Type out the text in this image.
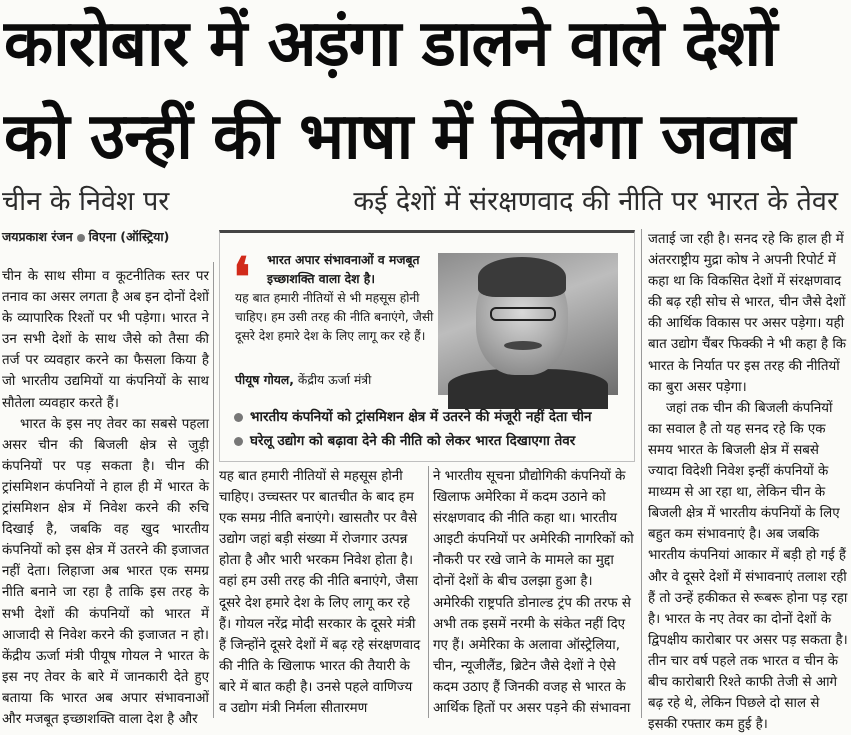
कारोबार में अड़ंगा डालने वाले देशों
को उन्हीं की भाषा में मिलेगा जवाब
चीन के निवेश पर	कई देशों में संरक्षणवाद की नीति पर भारत के तेवर
जयप्रकाश रंजन विएना (ऑस्ट्रिया)

चीन के साथ सीमा व कूटनीतिक स्तर पर तनाव का असर लगता है अब इन दोनों देशों के व्यापारिक रिश्तों पर भी पड़ेगा। भारत ने उन सभी देशों के साथ जैसे को तैसा की तर्ज पर व्यवहार करने का फैसला किया है जो भारतीय उद्यमियों या कंपनियों के साथ सौतेला व्यवहार करते हैं।

भारत के इस नए तेवर का सबसे पहला असर चीन की बिजली क्षेत्र से जुड़ी कंपनियों पर पड़ सकता है। चीन की ट्रांसमिशन कंपनियों ने हाल ही में भारत के ट्रांसमिशन क्षेत्र में निवेश करने की रुचि दिखाई है, जबकि वह खुद भारतीय कंपनियों को इस क्षेत्र में उतरने की इजाजत नहीं देता। लिहाजा अब भारत एक समग्र नीति बनाने जा रहा है ताकि इस तरह के सभी देशों की कंपनियों को भारत में आजादी से निवेश करने की इजाजत न हो। केंद्रीय ऊर्जा मंत्री पीयूष गोयल ने भारत के इस नए तेवर के बारे में जानकारी देते हुए बताया कि भारत अब अपार संभावनाओं और मजबूत इच्छाशक्ति वाला देश है और

❛	भारत अपार संभावनाओं व मजबूत इच्छाशक्ति वाला देश है।
यह बात हमारी नीतियों से भी महसूस होनी चाहिए। हम उसी तरह की नीति बनाएंगे, जैसी दूसरे देश हमारे देश के लिए लागू कर रहे हैं।
पीयूष गोयल, केंद्रीय ऊर्जा मंत्री
भारतीय कंपनियों को ट्रांसमिशन क्षेत्र में उतरने की मंजूरी नहीं देता चीन
घरेलू उद्योग को बढ़ावा देने की नीति को लेकर भारत दिखाएगा तेवर

यह बात हमारी नीतियों से महसूस होनी चाहिए। उच्चस्तर पर बातचीत के बाद हम एक समग्र नीति बनाएंगे। खासतौर पर वैसे उद्योग जहां बड़ी संख्या में रोजगार उत्पन्न होता है और भारी भरकम निवेश होता है। वहां हम उसी तरह की नीति बनाएंगे, जैसा दूसरे देश हमारे देश के लिए लागू कर रहे हैं। गोयल नरेंद्र मोदी सरकार के दूसरे मंत्री हैं जिन्होंने दूसरे देशों में बढ़ रहे संरक्षणवाद की नीति के खिलाफ भारत की तैयारी के बारे में बात कही है। उनसे पहले वाणिज्य व उद्योग मंत्री निर्मला सीतारमण

ने भारतीय सूचना प्रौद्योगिकी कंपनियों के खिलाफ अमेरिका में कदम उठाने को संरक्षणवाद की नीति कहा था। भारतीय आइटी कंपनियों पर अमेरिकी नागरिकों को नौकरी पर रखे जाने के मामले का मुद्दा दोनों देशों के बीच उलझा हुआ है। अमेरिकी राष्ट्रपति डोनाल्ड ट्रंप की तरफ से अभी तक इसमें नरमी के संकेत नहीं दिए गए हैं। अमेरिका के अलावा ऑस्ट्रेलिया, चीन, न्यूजीलैंड, ब्रिटेन जैसे देशों ने ऐसे कदम उठाए हैं जिनकी वजह से भारत के आर्थिक हितों पर असर पड़ने की संभावना

जताई जा रही है। सनद रहे कि हाल ही में अंतरराष्ट्रीय मुद्रा कोष ने अपनी रिपोर्ट में कहा था कि विकसित देशों में संरक्षणवाद की बढ़ रही सोच से भारत, चीन जैसे देशों की आर्थिक विकास पर असर पड़ेगा। यही बात उद्योग चैंबर फिक्की ने भी कहा है कि भारत के निर्यात पर इस तरह की नीतियों का बुरा असर पड़ेगा।

जहां तक चीन की बिजली कंपनियों का सवाल है तो यह सनद रहे कि एक समय भारत के बिजली क्षेत्र में सबसे ज्यादा विदेशी निवेश इन्हीं कंपनियों के माध्यम से आ रहा था, लेकिन चीन के बिजली क्षेत्र में भारतीय कंपनियों के लिए बहुत कम संभावनाएं है। अब जबकि भारतीय कंपनियां आकार में बड़ी हो गई हैं और वे दूसरे देशों में संभावनाएं तलाश रही हैं तो उन्हें हकीकत से रूबरू होना पड़ रहा है। भारत के नए तेवर का दोनों देशों के द्विपक्षीय कारोबार पर असर पड़ सकता है। तीन चार वर्ष पहले तक भारत व चीन के बीच कारोबारी रिश्ते काफी तेजी से आगे बढ़ रहे थे, लेकिन पिछले दो साल से इसकी रफ्तार कम हुई है।
